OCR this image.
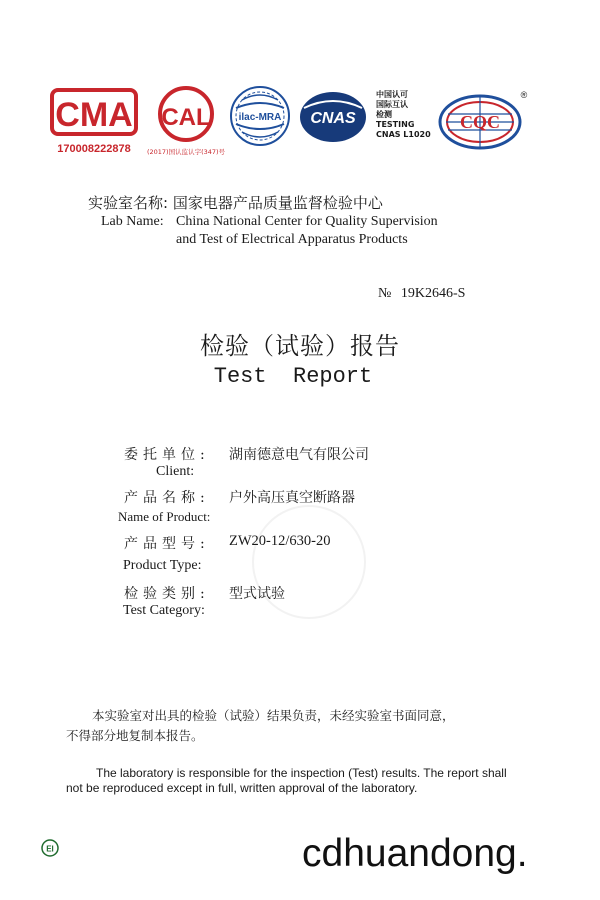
CMA
170008222878
CAL
(2017)国认监认字(347)号
ilac-MRA CNAS
中国认可
国际互认
检测
TESTING
CNAS L1020
CQC
®
实验室名称: 国家电器产品质量监督检验中心
Lab Name: China National Center for Quality Supervision
and Test of Electrical Apparatus Products
№ 19K2646-S
检验（试验）报告
Test  Report
委托单位: 湖南德意电气有限公司
Client:
产品名称: 户外高压真空断路器
Name of Product:
产品型号: ZW20-12/630-20
Product Type:
检验类别: 型式试验
Test Category:
本实验室对出具的检验（试验）结果负责，未经实验室书面同意，
不得部分地复制本报告。
The laboratory is responsible for the inspection (Test) results. The report shall
not be reproduced except in full, written approval of the laboratory.
EI	cdhuandong.
